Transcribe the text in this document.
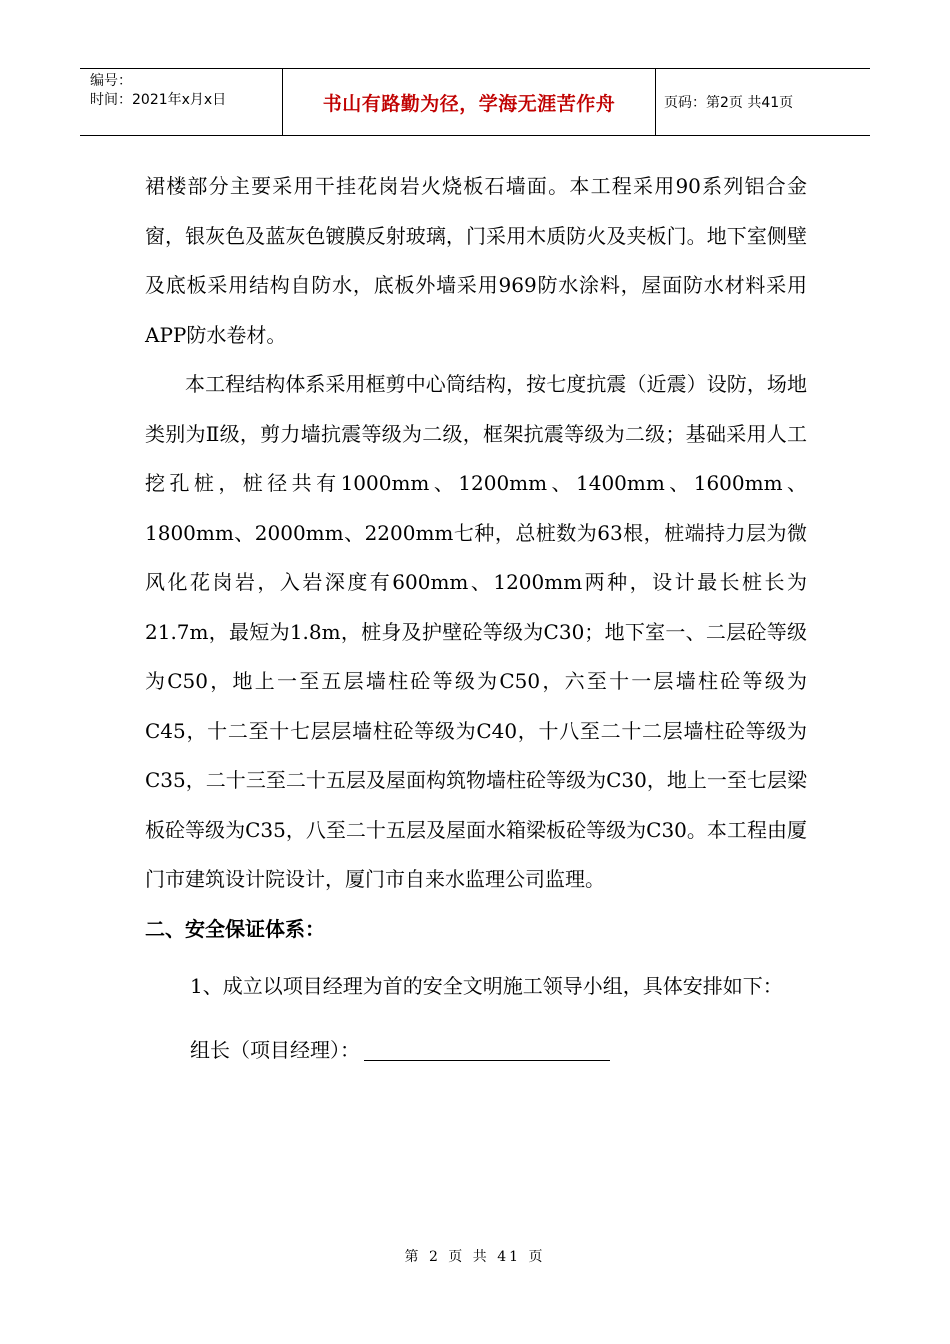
编号：
时间：2021年x月x日	书山有路勤为径，学海无涯苦作舟	页码：第2页 共41页

裙楼部分主要采用干挂花岗岩火烧板石墙面。本工程采用90系列铝合金窗，银灰色及蓝灰色镀膜反射玻璃，门采用木质防火及夹板门。地下室侧壁及底板采用结构自防水，底板外墙采用969防水涂料，屋面防水材料采用APP防水卷材。

本工程结构体系采用框剪中心筒结构，按七度抗震（近震）设防，场地类别为Ⅱ级，剪力墙抗震等级为二级，框架抗震等级为二级；基础采用人工挖孔桩，桩径共有1000mm、1200mm、1400mm、1600mm、1800mm、2000mm、2200mm七种，总桩数为63根，桩端持力层为微风化花岗岩，入岩深度有600mm、1200mm两种，设计最长桩长为21.7m，最短为1.8m，桩身及护壁砼等级为C30；地下室一、二层砼等级为C50，地上一至五层墙柱砼等级为C50，六至十一层墙柱砼等级为C45，十二至十七层层墙柱砼等级为C40，十八至二十二层墙柱砼等级为C35，二十三至二十五层及屋面构筑物墙柱砼等级为C30，地上一至七层梁板砼等级为C35，八至二十五层及屋面水箱梁板砼等级为C30。本工程由厦门市建筑设计院设计，厦门市自来水监理公司监理。

二、安全保证体系：

1、成立以项目经理为首的安全文明施工领导小组，具体安排如下：

组长（项目经理）：

第 2 页 共 41 页
